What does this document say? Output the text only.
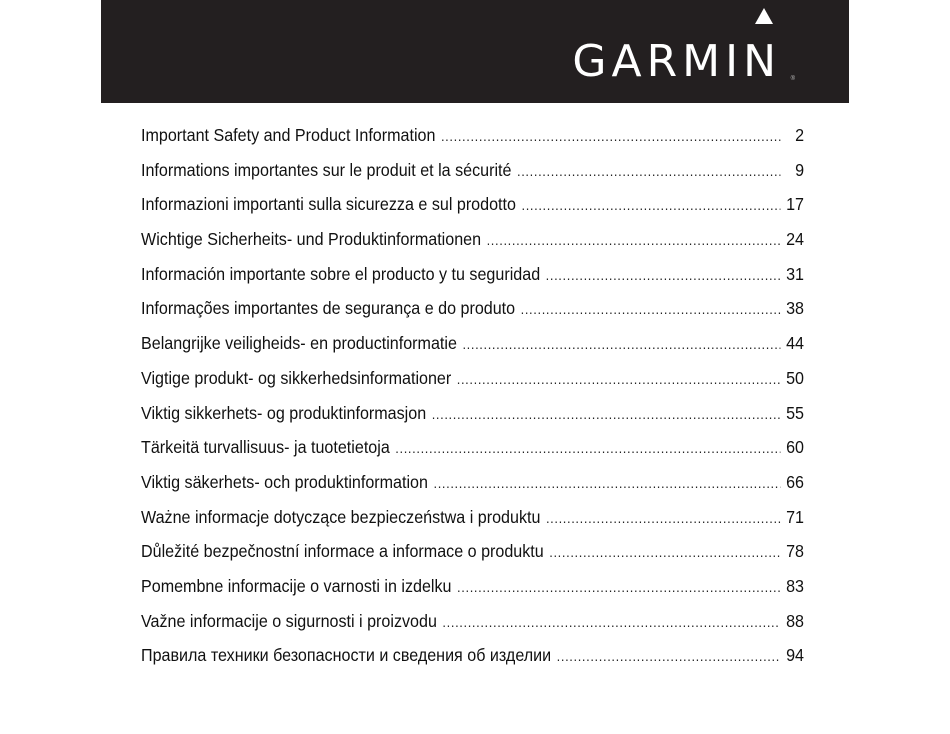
GARMIN ®
Important Safety and Product Information . . .	2
Informations importantes sur le produit et la sécurité . . .	9
Informazioni importanti sulla sicurezza e sul prodotto . . .	17
Wichtige Sicherheits- und Produktinformationen . . .	24
Información importante sobre el producto y tu seguridad . . .	31
Informações importantes de segurança e do produto . . .	38
Belangrijke veiligheids- en productinformatie . . .	44
Vigtige produkt- og sikkerhedsinformationer . . .	50
Viktig sikkerhets- og produktinformasjon . . .	55
Tärkeitä turvallisuus- ja tuotetietoja . . .	60
Viktig säkerhets- och produktinformation . . .	66
Ważne informacje dotyczące bezpieczeństwa i produktu . . .	71
Důležité bezpečnostní informace a informace o produktu . . .	78
Pomembne informacije o varnosti in izdelku . . .	83
Važne informacije o sigurnosti i proizvodu . . .	88
Правила техники безопасности и сведения об изделии . . .	94
